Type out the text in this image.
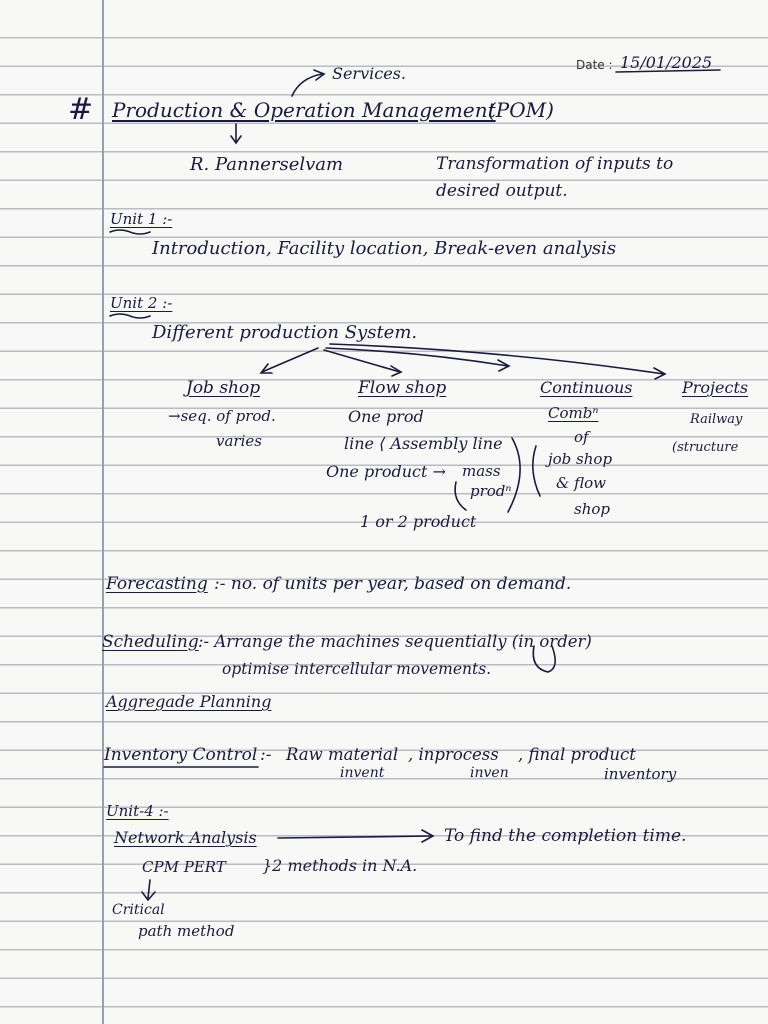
Date : 15/01/2025
Services.
# Production & Operation Management
(POM)
R. Pannerselvam	Transformation of inputs to
desired output.
Unit 1 :-
Introduction, Facility location, Break-even analysis
Unit 2 :-
Different production System.
Job shop
→seq. of prod.
varies
Flow shop
One prod
line ⟨ Assembly line
One product → mass
prodⁿ
1 or 2 product
Continuous
Combⁿ
of
job shop
& flow
shop
Projects
Railway
(structure
Forecasting :- no. of units per year, based on demand.
Scheduling :- Arrange the machines sequentially (in order)
optimise intercellular movements.
Aggregade Planning
Inventory Control :- Raw material , inprocess , final product
invent	inven	inventory
Unit-4 :-
Network Analysis	To find the completion time.
CPM PERT }2 methods in N.A.
Critical
path method
